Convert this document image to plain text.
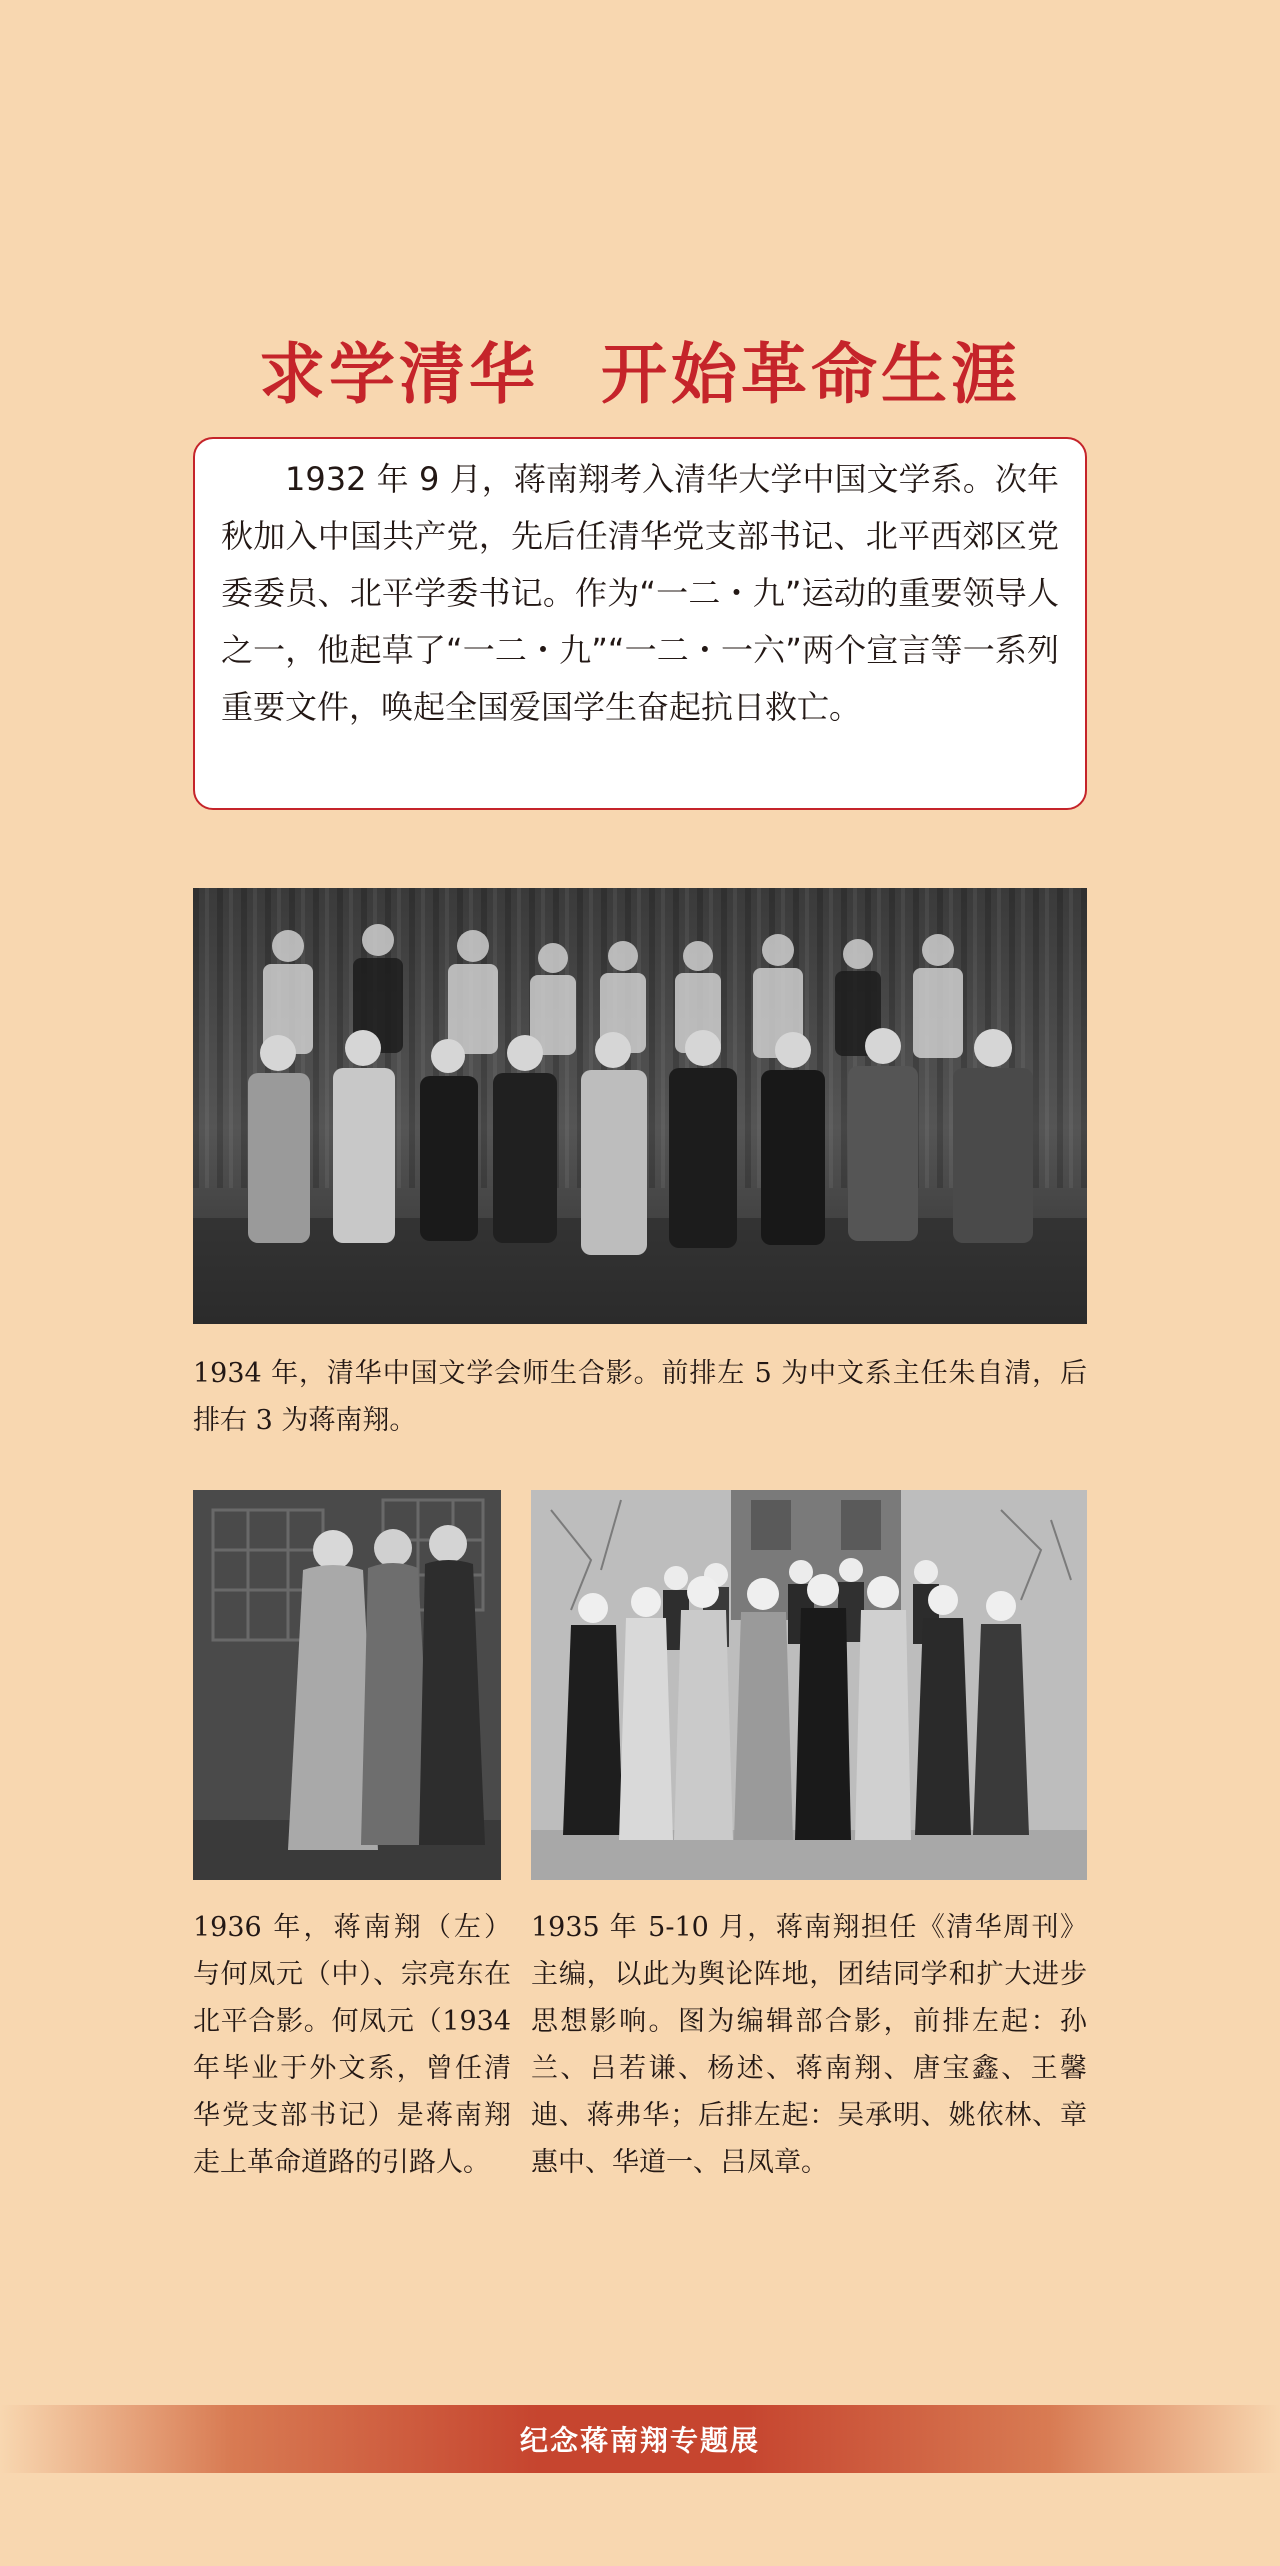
求学清华 开始革命生涯

1932 年 9 月，蒋南翔考入清华大学中国文学系。次年秋加入中国共产党，先后任清华党支部书记、北平西郊区党委委员、北平学委书记。作为“一二・九”运动的重要领导人之一，他起草了“一二・九”“一二・一六”两个宣言等一系列重要文件，唤起全国爱国学生奋起抗日救亡。

1934 年，清华中国文学会师生合影。前排左 5 为中文系主任朱自清，后排右 3 为蒋南翔。

1936 年，蒋南翔（左）与何凤元（中）、宗亮东在北平合影。何凤元（1934 年毕业于外文系，曾任清华党支部书记）是蒋南翔走上革命道路的引路人。

1935 年 5-10 月，蒋南翔担任《清华周刊》主编，以此为舆论阵地，团结同学和扩大进步思想影响。图为编辑部合影，前排左起：孙兰、吕若谦、杨述、蒋南翔、唐宝鑫、王馨迪、蒋弗华；后排左起：吴承明、姚依林、章惠中、华道一、吕凤章。

纪念蒋南翔专题展
